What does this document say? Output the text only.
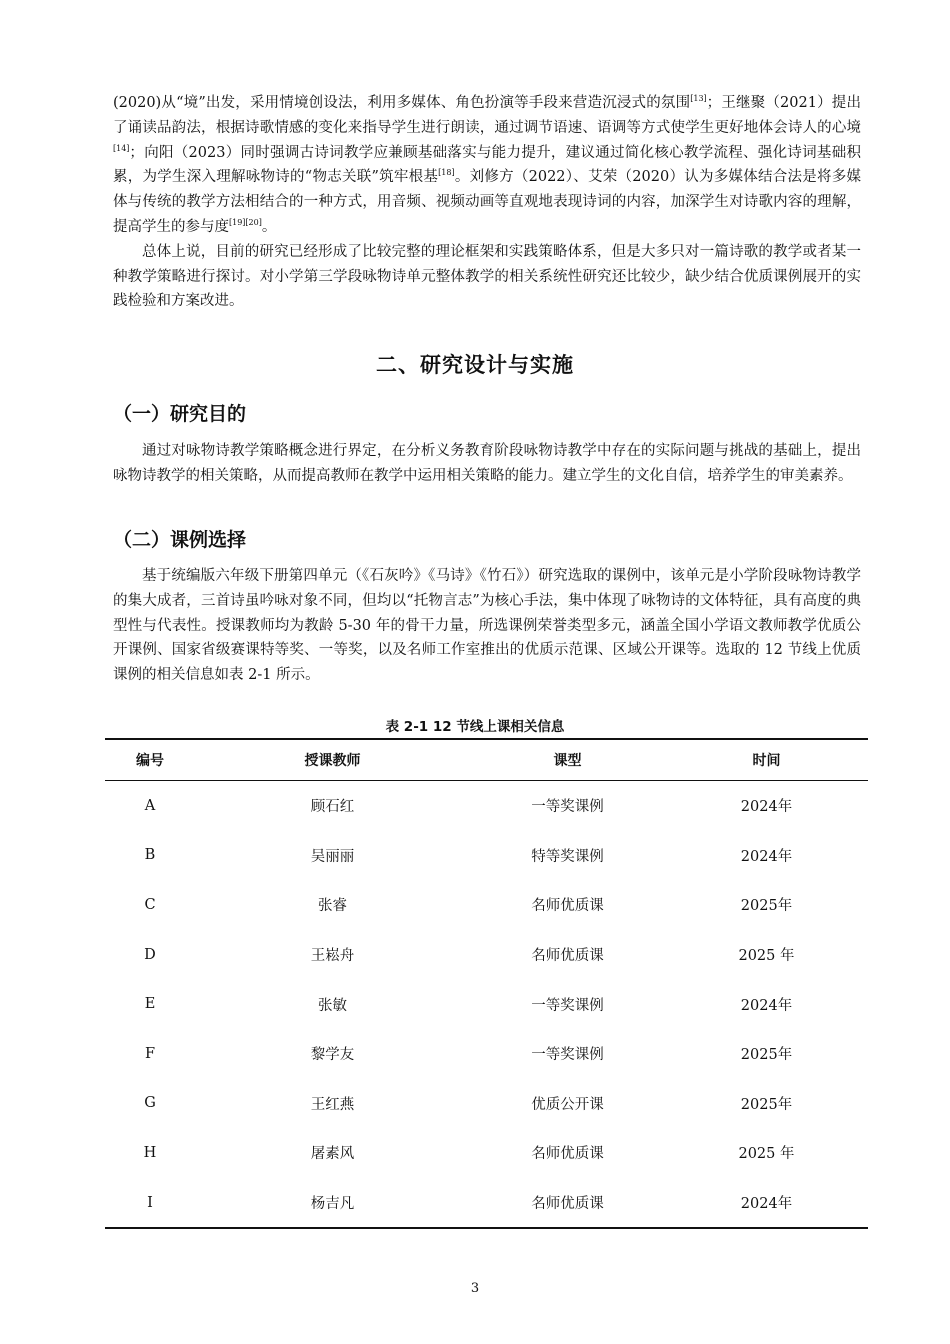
(2020)从“境”出发，采用情境创设法，利用多媒体、角色扮演等手段来营造沉浸式的氛围[13]；王继聚（2021）提出了诵读品韵法，根据诗歌情感的变化来指导学生进行朗读，通过调节语速、语调等方式使学生更好地体会诗人的心境[14]；向阳（2023）同时强调古诗词教学应兼顾基础落实与能力提升，建议通过简化核心教学流程、强化诗词基础积累，为学生深入理解咏物诗的“物志关联”筑牢根基[18]。刘修方（2022）、艾荣（2020）认为多媒体结合法是将多媒体与传统的教学方法相结合的一种方式，用音频、视频动画等直观地表现诗词的内容，加深学生对诗歌内容的理解，提高学生的参与度[19][20]。

总体上说，目前的研究已经形成了比较完整的理论框架和实践策略体系，但是大多只对一篇诗歌的教学或者某一种教学策略进行探讨。对小学第三学段咏物诗单元整体教学的相关系统性研究还比较少，缺少结合优质课例展开的实践检验和方案改进。

二、研究设计与实施
（一）研究目的

通过对咏物诗教学策略概念进行界定，在分析义务教育阶段咏物诗教学中存在的实际问题与挑战的基础上，提出咏物诗教学的相关策略，从而提高教师在教学中运用相关策略的能力。建立学生的文化自信，培养学生的审美素养。

（二）课例选择

基于统编版六年级下册第四单元（《石灰吟》《马诗》《竹石》）研究选取的课例中，该单元是小学阶段咏物诗教学的集大成者，三首诗虽吟咏对象不同，但均以“托物言志”为核心手法，集中体现了咏物诗的文体特征，具有高度的典型性与代表性。授课教师均为教龄 5-30 年的骨干力量，所选课例荣誉类型多元，涵盖全国小学语文教师教学优质公开课例、国家省级赛课特等奖、一等奖，以及名师工作室推出的优质示范课、区域公开课等。选取的 12 节线上优质课例的相关信息如表 2-1 所示。

表 2-1 12 节线上课相关信息
编号	授课教师	课型	时间
A	顾石红	一等奖课例	2024年
B	吴丽丽	特等奖课例	2024年
C	张睿	名师优质课	2025年
D	王崧舟	名师优质课	2025 年
E	张敏	一等奖课例	2024年
F	黎学友	一等奖课例	2025年
G	王红燕	优质公开课	2025年
H	屠素风	名师优质课	2025 年
I	杨吉凡	名师优质课	2024年
3
